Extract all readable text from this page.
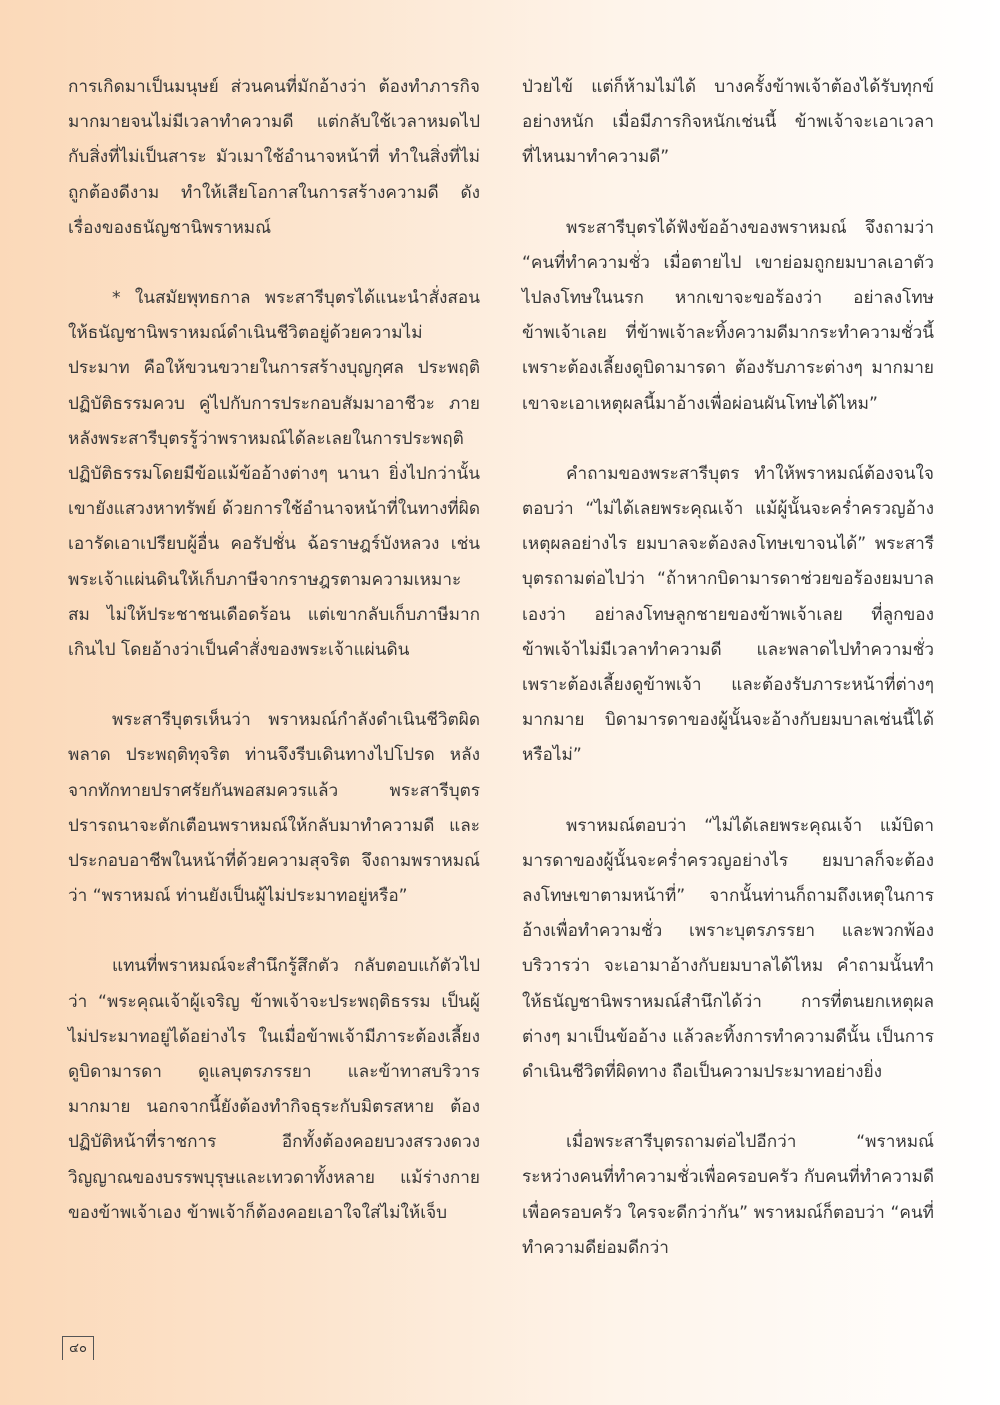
การเกิดมาเป็นมนุษย์ ส่วนคนที่มักอ้างว่า ต้องทำภารกิจมากมายจนไม่มีเวลาทำความดี แต่กลับใช้เวลาหมดไปกับสิ่งที่ไม่เป็นสาระ มัวเมาใช้อำนาจหน้าที่ ทำในสิ่งที่ไม่ถูกต้องดีงาม ทำให้เสียโอกาสในการสร้างความดี ดังเรื่องของธนัญชานิพราหมณ์

* ในสมัยพุทธกาล พระสารีบุตรได้แนะนำสั่งสอนให้ธนัญชานิพราหมณ์ดำเนินชีวิตอยู่ด้วยความไม่ประมาท คือให้ขวนขวายในการสร้างบุญกุศล ประพฤติปฏิบัติธรรมควบ คู่ไปกับการประกอบสัมมาอาชีวะ ภายหลังพระสารีบุตรรู้ว่าพราหมณ์ได้ละเลยในการประพฤติปฏิบัติธรรมโดยมีข้อแม้ข้ออ้างต่างๆ นานา ยิ่งไปกว่านั้นเขายังแสวงหาทรัพย์ ด้วยการใช้อำนาจหน้าที่ในทางที่ผิด เอารัดเอาเปรียบผู้อื่น คอรัปชั่น ฉ้อราษฎร์บังหลวง เช่น พระเจ้าแผ่นดินให้เก็บภาษีจากราษฎรตามความเหมาะสม ไม่ให้ประชาชนเดือดร้อน แต่เขากลับเก็บภาษีมากเกินไป โดยอ้างว่าเป็นคำสั่งของพระเจ้าแผ่นดิน

พระสารีบุตรเห็นว่า พราหมณ์กำลังดำเนินชีวิตผิดพลาด ประพฤติทุจริต ท่านจึงรีบเดินทางไปโปรด หลังจากทักทายปราศรัยกันพอสมควรแล้ว พระสารีบุตรปรารถนาจะตักเตือนพราหมณ์ให้กลับมาทำความดี และประกอบอาชีพในหน้าที่ด้วยความสุจริต จึงถามพราหมณ์ว่า “พราหมณ์ ท่านยังเป็นผู้ไม่ประมาทอยู่หรือ”

แทนที่พราหมณ์จะสำนึกรู้สึกตัว กลับตอบแก้ตัวไปว่า “พระคุณเจ้าผู้เจริญ ข้าพเจ้าจะประพฤติธรรม เป็นผู้ไม่ประมาทอยู่ได้อย่างไร ในเมื่อข้าพเจ้ามีภาระต้องเลี้ยงดูบิดามารดา ดูแลบุตรภรรยา และข้าทาสบริวารมากมาย นอกจากนี้ยังต้องทำกิจธุระกับมิตรสหาย ต้องปฏิบัติหน้าที่ราชการ อีกทั้งต้องคอยบวงสรวงดวงวิญญาณของบรรพบุรุษและเทวดาทั้งหลาย แม้ร่างกายของข้าพเจ้าเอง ข้าพเจ้าก็ต้องคอยเอาใจใส่ไม่ให้เจ็บ

ป่วยไข้ แต่ก็ห้ามไม่ได้ บางครั้งข้าพเจ้าต้องได้รับทุกข์อย่างหนัก เมื่อมีภารกิจหนักเช่นนี้ ข้าพเจ้าจะเอาเวลาที่ไหนมาทำความดี”

พระสารีบุตรได้ฟังข้ออ้างของพราหมณ์ จึงถามว่า “คนที่ทำความชั่ว เมื่อตายไป เขาย่อมถูกยมบาลเอาตัวไปลงโทษในนรก หากเขาจะขอร้องว่า อย่าลงโทษข้าพเจ้าเลย ที่ข้าพเจ้าละทิ้งความดีมากระทำความชั่วนี้ เพราะต้องเลี้ยงดูบิดามารดา ต้องรับภาระต่างๆ มากมาย เขาจะเอาเหตุผลนี้มาอ้างเพื่อผ่อนผันโทษได้ไหม”

คำถามของพระสารีบุตร ทำให้พราหมณ์ต้องจนใจตอบว่า “ไม่ได้เลยพระคุณเจ้า แม้ผู้นั้นจะคร่ำครวญอ้างเหตุผลอย่างไร ยมบาลจะต้องลงโทษเขาจนได้” พระสารีบุตรถามต่อไปว่า “ถ้าหากบิดามารดาช่วยขอร้องยมบาลเองว่า อย่าลงโทษลูกชายของข้าพเจ้าเลย ที่ลูกของข้าพเจ้าไม่มีเวลาทำความดี และพลาดไปทำความชั่ว เพราะต้องเลี้ยงดูข้าพเจ้า และต้องรับภาระหน้าที่ต่างๆ มากมาย บิดามารดาของผู้นั้นจะอ้างกับยมบาลเช่นนี้ได้หรือไม่”

พราหมณ์ตอบว่า “ไม่ได้เลยพระคุณเจ้า แม้บิดามารดาของผู้นั้นจะคร่ำครวญอย่างไร ยมบาลก็จะต้องลงโทษเขาตามหน้าที่” จากนั้นท่านก็ถามถึงเหตุในการอ้างเพื่อทำความชั่ว เพราะบุตรภรรยา และพวกพ้องบริวารว่า จะเอามาอ้างกับยมบาลได้ไหม คำถามนั้นทำให้ธนัญชานิพราหมณ์สำนึกได้ว่า การที่ตนยกเหตุผลต่างๆ มาเป็นข้ออ้าง แล้วละทิ้งการทำความดีนั้น เป็นการดำเนินชีวิตที่ผิดทาง ถือเป็นความประมาทอย่างยิ่ง

เมื่อพระสารีบุตรถามต่อไปอีกว่า “พราหมณ์ ระหว่างคนที่ทำความชั่วเพื่อครอบครัว กับคนที่ทำความดีเพื่อครอบครัว ใครจะดีกว่ากัน” พราหมณ์ก็ตอบว่า “คนที่ทำความดีย่อมดีกว่า

๔๐
